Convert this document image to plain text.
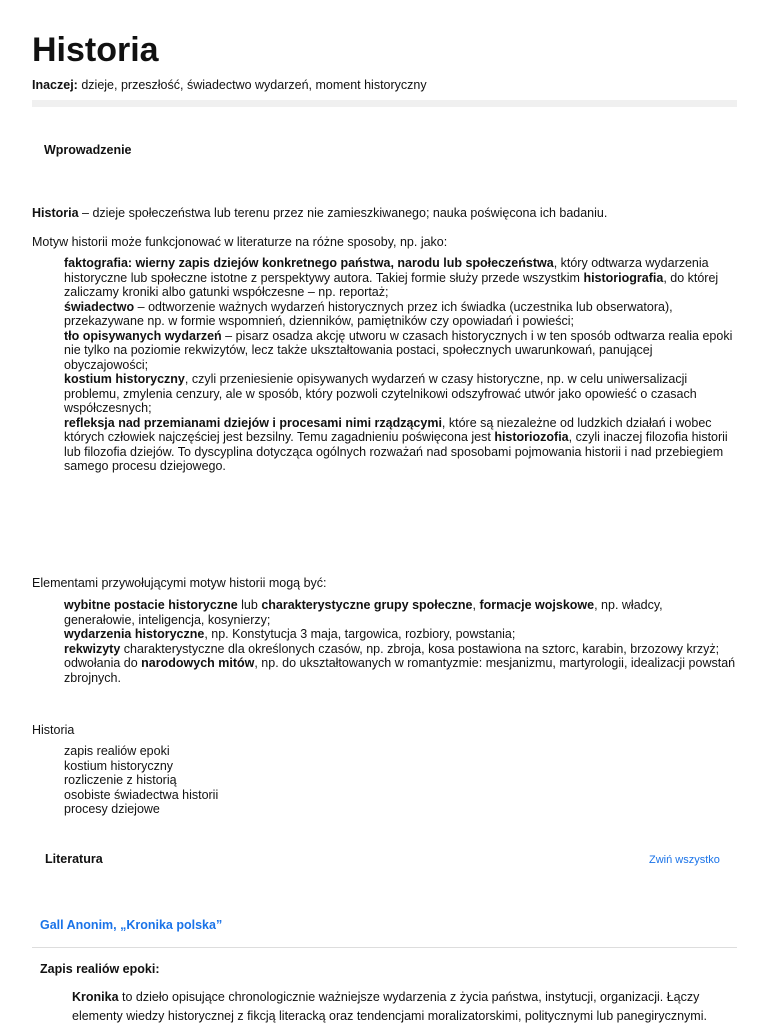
Historia
Inaczej: dzieje, przeszłość, świadectwo wydarzeń, moment historyczny
Wprowadzenie
Historia – dzieje społeczeństwa lub terenu przez nie zamieszkiwanego; nauka poświęcona ich badaniu.
Motyw historii może funkcjonować w literaturze na różne sposoby, np. jako:
faktografia: wierny zapis dziejów konkretnego państwa, narodu lub społeczeństwa, który odtwarza wydarzenia historyczne lub społeczne istotne z perspektywy autora. Takiej formie służy przede wszystkim historiografia, do której zaliczamy kroniki albo gatunki współczesne – np. reportaż;
świadectwo – odtworzenie ważnych wydarzeń historycznych przez ich świadka (uczestnika lub obserwatora), przekazywane np. w formie wspomnień, dzienników, pamiętników czy opowiadań i powieści;
tło opisywanych wydarzeń – pisarz osadza akcję utworu w czasach historycznych i w ten sposób odtwarza realia epoki nie tylko na poziomie rekwizytów, lecz także ukształtowania postaci, społecznych uwarunkowań, panującej obyczajowości;
kostium historyczny, czyli przeniesienie opisywanych wydarzeń w czasy historyczne, np. w celu uniwersalizacji problemu, zmylenia cenzury, ale w sposób, który pozwoli czytelnikowi odszyfrować utwór jako opowieść o czasach współczesnych;
refleksja nad przemianami dziejów i procesami nimi rządzącymi, które są niezależne od ludzkich działań i wobec których człowiek najczęściej jest bezsilny. Temu zagadnieniu poświęcona jest historiozofia, czyli inaczej filozofia historii lub filozofia dziejów. To dyscyplina dotycząca ogólnych rozważań nad sposobami pojmowania historii i nad przebiegiem samego procesu dziejowego.
Elementami przywołującymi motyw historii mogą być:
wybitne postacie historyczne lub charakterystyczne grupy społeczne, formacje wojskowe, np. władcy, generałowie, inteligencja, kosynierzy;
wydarzenia historyczne, np. Konstytucja 3 maja, targowica, rozbiory, powstania;
rekwizyty charakterystyczne dla określonych czasów, np. zbroja, kosa postawiona na sztorc, karabin, brzozowy krzyż;
odwołania do narodowych mitów, np. do ukształtowanych w romantyzmie: mesjanizmu, martyrologii, idealizacji powstań zbrojnych.
Historia
zapis realiów epoki
kostium historyczny
rozliczenie z historią
osobiste świadectwa historii
procesy dziejowe
Literatura	Zwiń wszystko
Gall Anonim, „Kronika polska”
Zapis realiów epoki:
Kronika to dzieło opisujące chronologicznie ważniejsze wydarzenia z życia państwa, instytucji, organizacji. Łączy elementy wiedzy historycznej z fikcją literacką oraz tendencjami moralizatorskimi, politycznymi lub panegirycznymi.
